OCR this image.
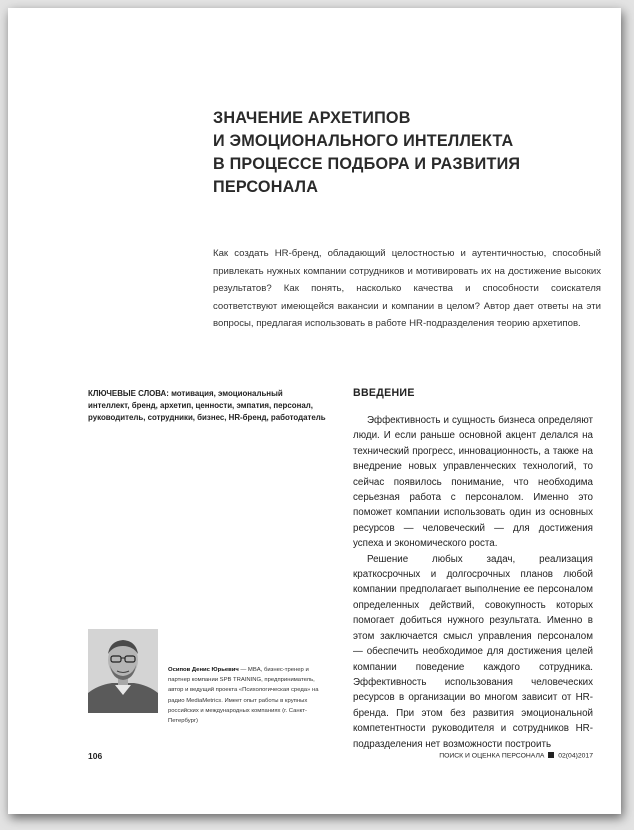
ЗНАЧЕНИЕ АРХЕТИПОВ
И ЭМОЦИОНАЛЬНОГО ИНТЕЛЛЕКТА
В ПРОЦЕССЕ ПОДБОРА И РАЗВИТИЯ
ПЕРСОНАЛА

Как создать HR-бренд, обладающий целостностью и аутентичностью, способный привлекать нужных компании сотрудников и мотивировать их на достижение высоких результатов? Как понять, насколько качества и способности соискателя соответствуют имеющейся вакансии и компании в целом? Автор дает ответы на эти вопросы, предлагая использовать в работе HR-подразделения теорию архетипов.

КЛЮЧЕВЫЕ СЛОВА: мотивация, эмоциональный интеллект, бренд, архетип, ценности, эмпатия, персонал, руководитель, сотрудники, бизнес, HR-бренд, работодатель

ВВЕДЕНИЕ

Эффективность и сущность бизнеса определяют люди. И если раньше основной акцент делался на технический прогресс, инновационность, а также на внедрение новых управленческих технологий, то сейчас появилось понимание, что необходима серьезная работа с персоналом. Именно это поможет компании использовать один из основных ресурсов — человеческий — для достижения успеха и экономического роста.

Решение любых задач, реализация краткосрочных и долгосрочных планов любой компании предполагает выполнение ее персоналом определенных действий, совокупность которых помогает добиться нужного результата. Именно в этом заключается смысл управления персоналом — обеспечить необходимое для достижения целей компании поведение каждого сотрудника. Эффективность использования человеческих ресурсов в организации во многом зависит от HR-бренда. При этом без развития эмоциональной компетентности руководителя и сотрудников HR-подразделения нет возможности построить

Осипов Денис Юрьевич — MBA, бизнес-тренер и партнер компании SPB TRAINING, предприниматель, автор и ведущий проекта «Психологическая среда» на радио MediaMetrics. Имеет опыт работы в крупных российских и международных компаниях (г. Санкт-Петербург)

106	ПОИСК И ОЦЕНКА ПЕРСОНАЛА 02(04)2017
